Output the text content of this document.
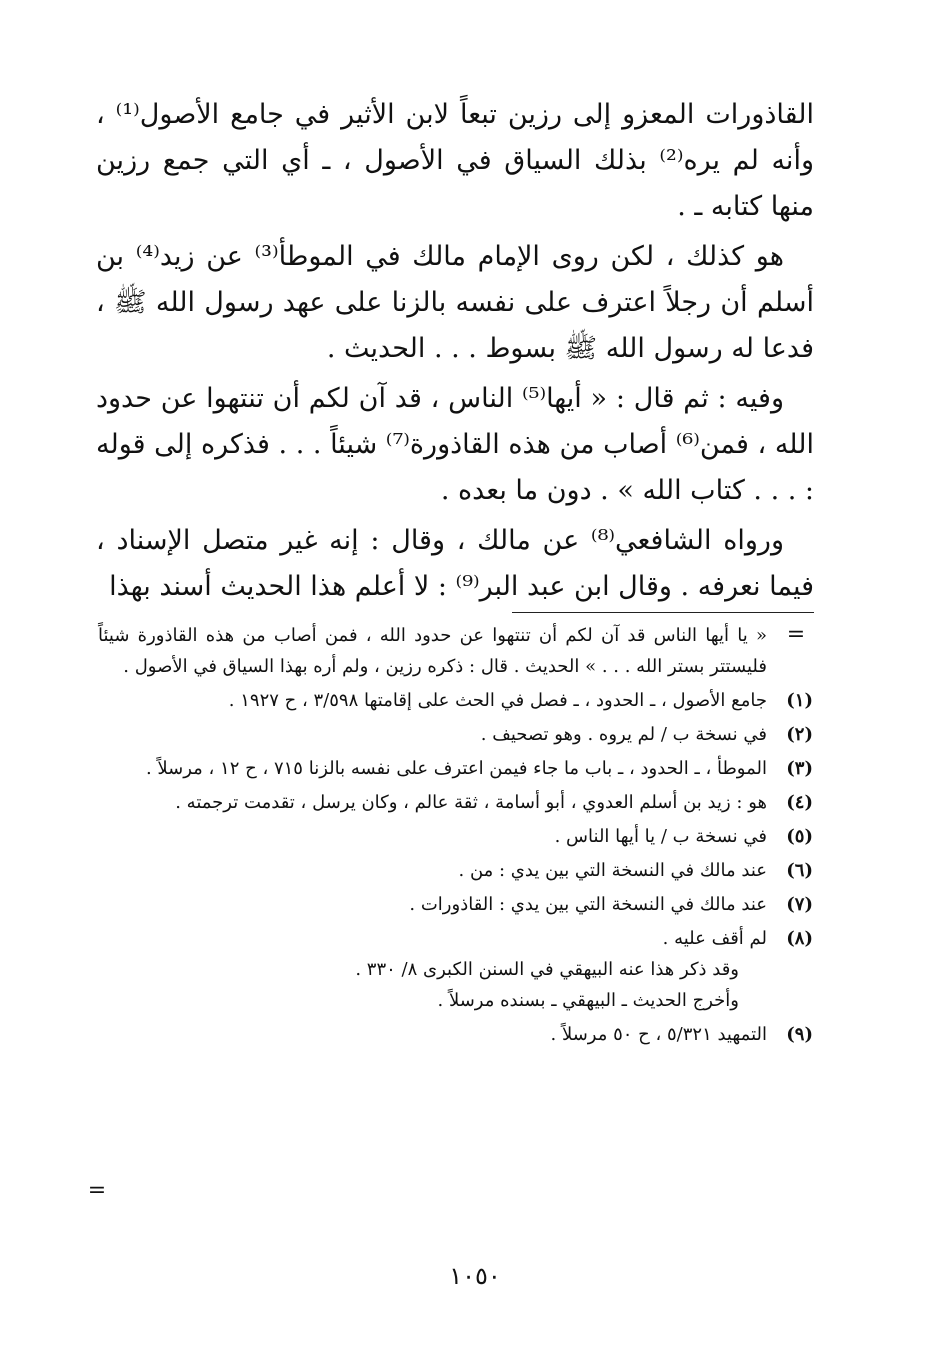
القاذورات المعزو إلى رزين تبعاً لابن الأثير في جامع الأصول⁽¹⁾ ، وأنه لم يره⁽²⁾ بذلك السياق في الأصول ، ـ أي التي جمع رزين منها كتابه ـ .

هو كذلك ، لكن روى الإمام مالك في الموطأ⁽³⁾ عن زيد⁽⁴⁾ بن أسلم أن رجلاً اعترف على نفسه بالزنا على عهد رسول الله ﷺ ، فدعا له رسول الله ﷺ بسوط . . . الحديث .

وفيه : ثم قال : « أيها⁽⁵⁾ الناس ، قد آن لكم أن تنتهوا عن حدود الله ، فمن⁽⁶⁾ أصاب من هذه القاذورة⁽⁷⁾ شيئاً . . . فذكره إلى قوله : . . . كتاب الله » . دون ما بعده .

ورواه الشافعي⁽⁸⁾ عن مالك ، وقال : إنه غير متصل الإسناد ، فيما نعرفه . وقال ابن عبد البر⁽⁹⁾ : لا أعلم هذا الحديث أسند بهذا

=
« يا أيها الناس قد آن لكم أن تنتهوا عن حدود الله ، فمن أصاب من هذه القاذورة شيئاً فليستتر بستر الله . . . » الحديث . قال : ذكره رزين ، ولم أره بهذا السياق في الأصول .
(١)
جامع الأصول ، ـ الحدود ، ـ فصل في الحث على إقامتها ٣/٥٩٨ ، ح ١٩٢٧ .
(٢)
في نسخة ب / لم يروه . وهو تصحيف .
(٣)
الموطأ ، ـ الحدود ، ـ باب ما جاء فيمن اعترف على نفسه بالزنا ٧١٥ ، ح ١٢ ، مرسلاً .
(٤)
هو : زيد بن أسلم العدوي ، أبو أسامة ، ثقة عالم ، وكان يرسل ، تقدمت ترجمته .
(٥)
في نسخة ب / يا أيها الناس .
(٦)
عند مالك في النسخة التي بين يدي : من .
(٧)
عند مالك في النسخة التي بين يدي : القاذورات .
(٨)
لم أقف عليه .
وقد ذكر هذا عنه البيهقي في السنن الكبرى ٨/ ٣٣٠ .
وأخرج الحديث ـ البيهقي ـ بسنده مرسلاً .
(٩)
التمهيد ٥/٣٢١ ، ح ٥٠ مرسلاً .
=
١٠٥٠
